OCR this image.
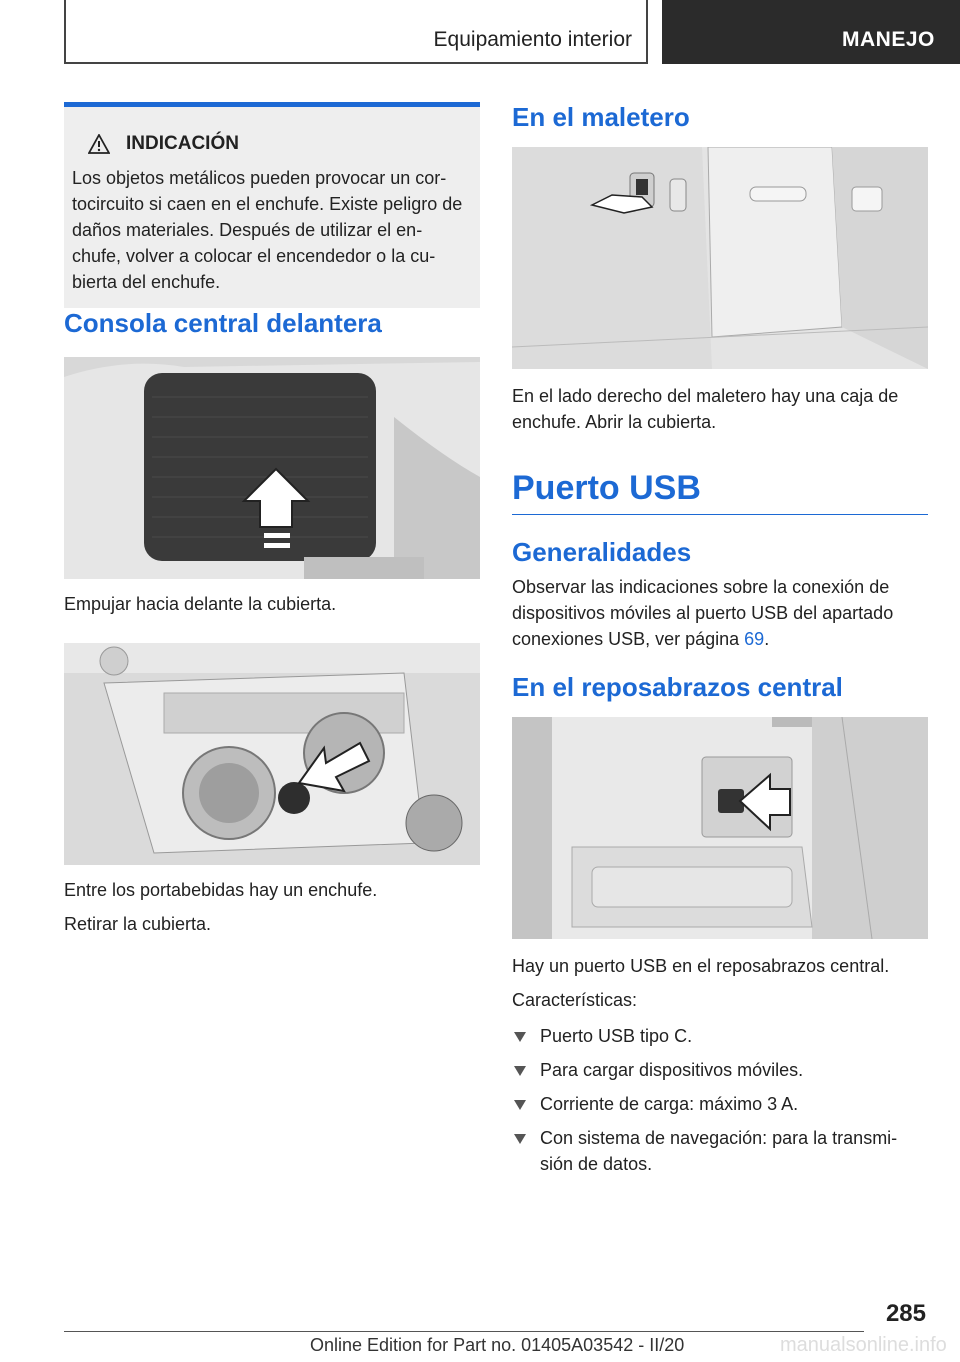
Equipamiento interior	MANEJO
INDICACIÓN
Los objetos metálicos pueden provocar un cor-tocircuito si caen en el enchufe. Existe peligro de daños materiales. Después de utilizar el en-chufe, volver a colocar el encendedor o la cu-bierta del enchufe.
Consola central delantera

Empujar hacia delante la cubierta.

Entre los portabebidas hay un enchufe.

Retirar la cubierta.

En el maletero

En el lado derecho del maletero hay una caja de enchufe. Abrir la cubierta.

Puerto USB
Generalidades

Observar las indicaciones sobre la conexión de dispositivos móviles al puerto USB del apartado conexiones USB, ver página 69.

En el reposabrazos central

Hay un puerto USB en el reposabrazos central.

Características:

Puerto USB tipo C.
Para cargar dispositivos móviles.
Corriente de carga: máximo 3 A.
Con sistema de navegación: para la transmi-sión de datos.
285
Online Edition for Part no. 01405A03542 - II/20	manualsonline.info
